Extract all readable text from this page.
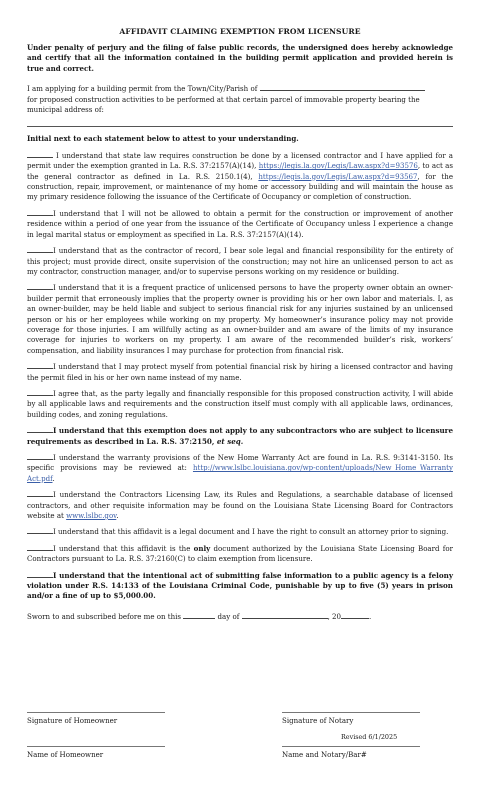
AFFIDAVIT CLAIMING EXEMPTION FROM LICENSURE

Under penalty of perjury and the filing of false public records, the undersigned does hereby acknowledge and certify that all the information contained in the building permit application and provided herein is true and correct.

I am applying for a building permit from the Town/City/Parish of
for proposed construction activities to be performed at that certain parcel of immovable property bearing the municipal address of:

Initial next to each statement below to attest to your understanding.

I understand that state law requires construction be done by a licensed contractor and I have applied for a permit under the exemption granted in La. R.S. 37:2157(A)(14), https://legis.la.gov/Legis/Law.aspx?d=93576, to act as the general contractor as defined in La. R.S. 2150.1(4), https://legis.la.gov/Legis/Law.aspx?d=93567, for the construction, repair, improvement, or maintenance of my home or accessory building and will maintain the house as my primary residence following the issuance of the Certificate of Occupancy or completion of construction.

I understand that I will not be allowed to obtain a permit for the construction or improvement of another residence within a period of one year from the issuance of the Certificate of Occupancy unless I experience a change in legal marital status or employment as specified in La. R.S. 37:2157(A)(14).

I understand that as the contractor of record, I bear sole legal and financial responsibility for the entirety of this project; must provide direct, onsite supervision of the construction; may not hire an unlicensed person to act as my contractor, construction manager, and/or to supervise persons working on my residence or building.

I understand that it is a frequent practice of unlicensed persons to have the property owner obtain an owner-builder permit that erroneously implies that the property owner is providing his or her own labor and materials. I, as an owner-builder, may be held liable and subject to serious financial risk for any injuries sustained by an unlicensed person or his or her employees while working on my property. My homeowner’s insurance policy may not provide coverage for those injuries. I am willfully acting as an owner-builder and am aware of the limits of my insurance coverage for injuries to workers on my property. I am aware of the recommended builder’s risk, workers’ compensation, and liability insurances I may purchase for protection from financial risk.

I understand that I may protect myself from potential financial risk by hiring a licensed contractor and having the permit filed in his or her own name instead of my name.

I agree that, as the party legally and financially responsible for this proposed construction activity, I will abide by all applicable laws and requirements and the construction itself must comply with all applicable laws, ordinances, building codes, and zoning regulations.

I understand that this exemption does not apply to any subcontractors who are subject to licensure requirements as described in La. R.S. 37:2150, et seq.

I understand the warranty provisions of the New Home Warranty Act are found in La. R.S. 9:3141-3150. Its specific provisions may be reviewed at: http://www.lslbc.louisiana.gov/wp-content/uploads/New_Home_Warranty Act.pdf.

I understand the Contractors Licensing Law, its Rules and Regulations, a searchable database of licensed contractors, and other requisite information may be found on the Louisiana State Licensing Board for Contractors website at www.lslbc.gov.

I understand that this affidavit is a legal document and I have the right to consult an attorney prior to signing.

I understand that this affidavit is the only document authorized by the Louisiana State Licensing Board for Contractors pursuant to La. R.S. 37:2160(C) to claim exemption from licensure.

I understand that the intentional act of submitting false information to a public agency is a felony violation under R.S. 14:133 of the Louisiana Criminal Code, punishable by up to five (5) years in prison and/or a fine of up to $5,000.00.

Sworn to and subscribed before me on this	day of	, 20	.

Signature of Homeowner	Signature of Notary
Name of Homeowner	Name and Notary/Bar#
Revised 6/1/2025
